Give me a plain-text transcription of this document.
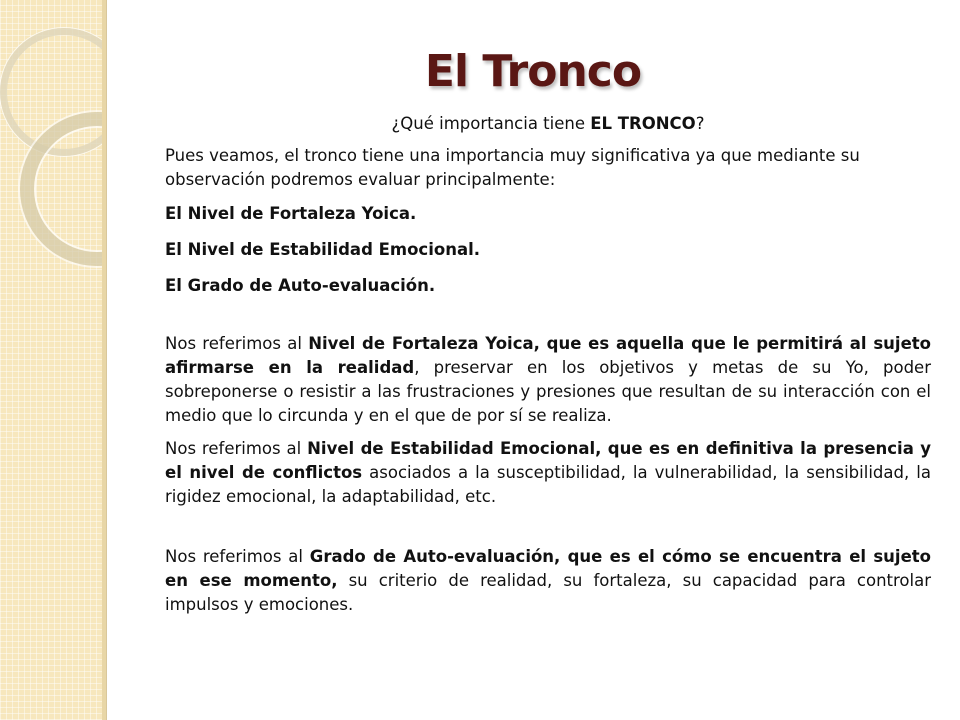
El Tronco

¿Qué importancia tiene EL TRONCO?

Pues veamos, el tronco tiene una importancia muy significativa ya que mediante su observación podremos evaluar principalmente:

El Nivel de Fortaleza Yoica.

El Nivel de Estabilidad Emocional.

El Grado de Auto-evaluación.

Nos referimos al Nivel de Fortaleza Yoica, que es aquella que le permitirá al sujeto afirmarse en la realidad, preservar en los objetivos y metas de su Yo, poder sobreponerse o resistir a las frustraciones y presiones que resultan de su interacción con el medio que lo circunda y en el que de por sí se realiza.

Nos referimos al Nivel de Estabilidad Emocional, que es en definitiva la presencia y el nivel de conflictos asociados a la susceptibilidad, la vulnerabilidad, la sensibilidad, la rigidez emocional, la adaptabilidad, etc.

Nos referimos al Grado de Auto-evaluación, que es el cómo se encuentra el sujeto en ese momento, su criterio de realidad, su fortaleza, su capacidad para controlar impulsos y emociones.
